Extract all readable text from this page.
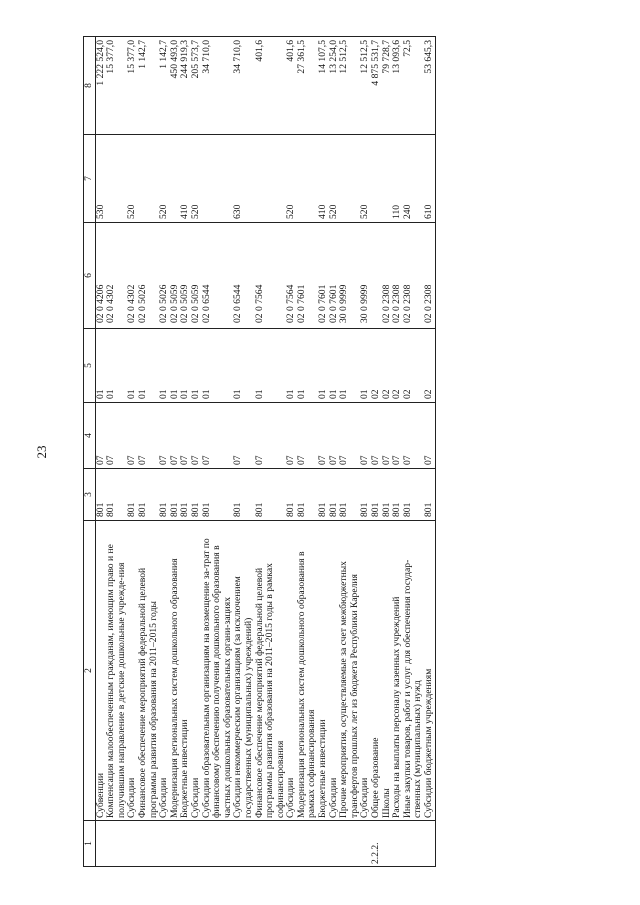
23
1	2	3	4	5	6	7	8
	Субвенции	801	07	01	02 0 4206	530	1 222 524,0
	Компенсация малообеспеченным гражданам, имеющим право и не получившим направление в детские дошкольные учрежде-ния	801	07	01	02 0 4302		15 377,0
	Субсидии	801	07	01	02 0 4302	520	15 377,0
	Финансовое обеспечение мероприятий федеральной целевой программы развития образования на 2011–2015 годы	801	07	01	02 0 5026		1 142,7
	Субсидии	801	07	01	02 0 5026	520	1 142,7
	Модернизация региональных систем дошкольного образования	801	07	01	02 0 5059		450 493,0
	Бюджетные инвестиции	801	07	01	02 0 5059	410	244 919,3
	Субсидии	801	07	01	02 0 5059	520	205 573,7
	Субсидии образовательным организациям на возмещение за-трат по финансовому обеспечению получения дошкольного образования в частных дошкольных образовательных органи-зациях	801	07	01	02 0 6544		34 710,0
	Субсидии некоммерческим организациям (за исключением государственных (муниципальных) учреждений)	801	07	01	02 0 6544	630	34 710,0
	Финансовое обеспечение мероприятий федеральной целевой программы развития образования на 2011–2015 годы в рамках софинансирования	801	07	01	02 0 7564		401,6
	Субсидии	801	07	01	02 0 7564	520	401,6
	Модернизация региональных систем дошкольного образования в рамках софинансирования	801	07	01	02 0 7601		27 361,5
	Бюджетные инвестиции	801	07	01	02 0 7601	410	14 107,5
	Субсидии	801	07	01	02 0 7601	520	13 254,0
	Прочие мероприятия, осуществляемые за счет межбюджетных трансфертов прошлых лет из бюджета Республики Карелия	801	07	01	30 0 9999		12 512,5
	Субсидии	801	07	01	30 0 9999	520	12 512,5
2.2.2.	Общее образование	801	07	02			4 875 531,7
	Школы	801	07	02	02 0 2308		79 728,7
	Расходы на выплаты персоналу казенных учреждений	801	07	02	02 0 2308	110	13 093,6
	Иные закупки товаров, работ и услуг для обеспечения государ-ственных (муниципальных) нужд	801	07	02	02 0 2308	240	72,5
	Субсидии бюджетным учреждениям	801	07	02	02 0 2308	610	53 645,3
